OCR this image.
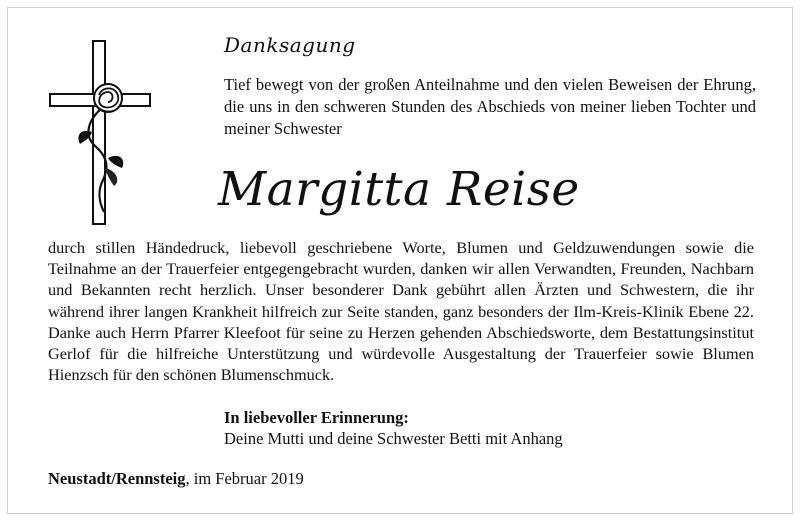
Danksagung
Tief bewegt von der großen Anteilnahme und den vielen Beweisen der Ehrung, die uns in den schweren Stunden des Abschieds von meiner lieben Tochter und meiner Schwester
Margitta Reise
durch stillen Händedruck, liebevoll geschriebene Worte, Blumen und Geldzuwendungen sowie die Teilnahme an der Trauerfeier entgegengebracht wurden, danken wir allen Verwandten, Freunden, Nachbarn und Bekannten recht herzlich. Unser besonderer Dank gebührt allen Ärzten und Schwestern, die ihr während ihrer langen Krankheit hilfreich zur Seite standen, ganz besonders der Ilm-Kreis-Klinik Ebene 22. Danke auch Herrn Pfarrer Kleefoot für seine zu Herzen gehenden Abschiedsworte, dem Bestattungsinstitut Gerlof für die hilfreiche Unterstützung und würdevolle Ausgestaltung der Trauerfeier sowie Blumen Hienzsch für den schönen Blumenschmuck.
In liebevoller Erinnerung:
Deine Mutti und deine Schwester Betti mit Anhang
Neustadt/Rennsteig, im Februar 2019
